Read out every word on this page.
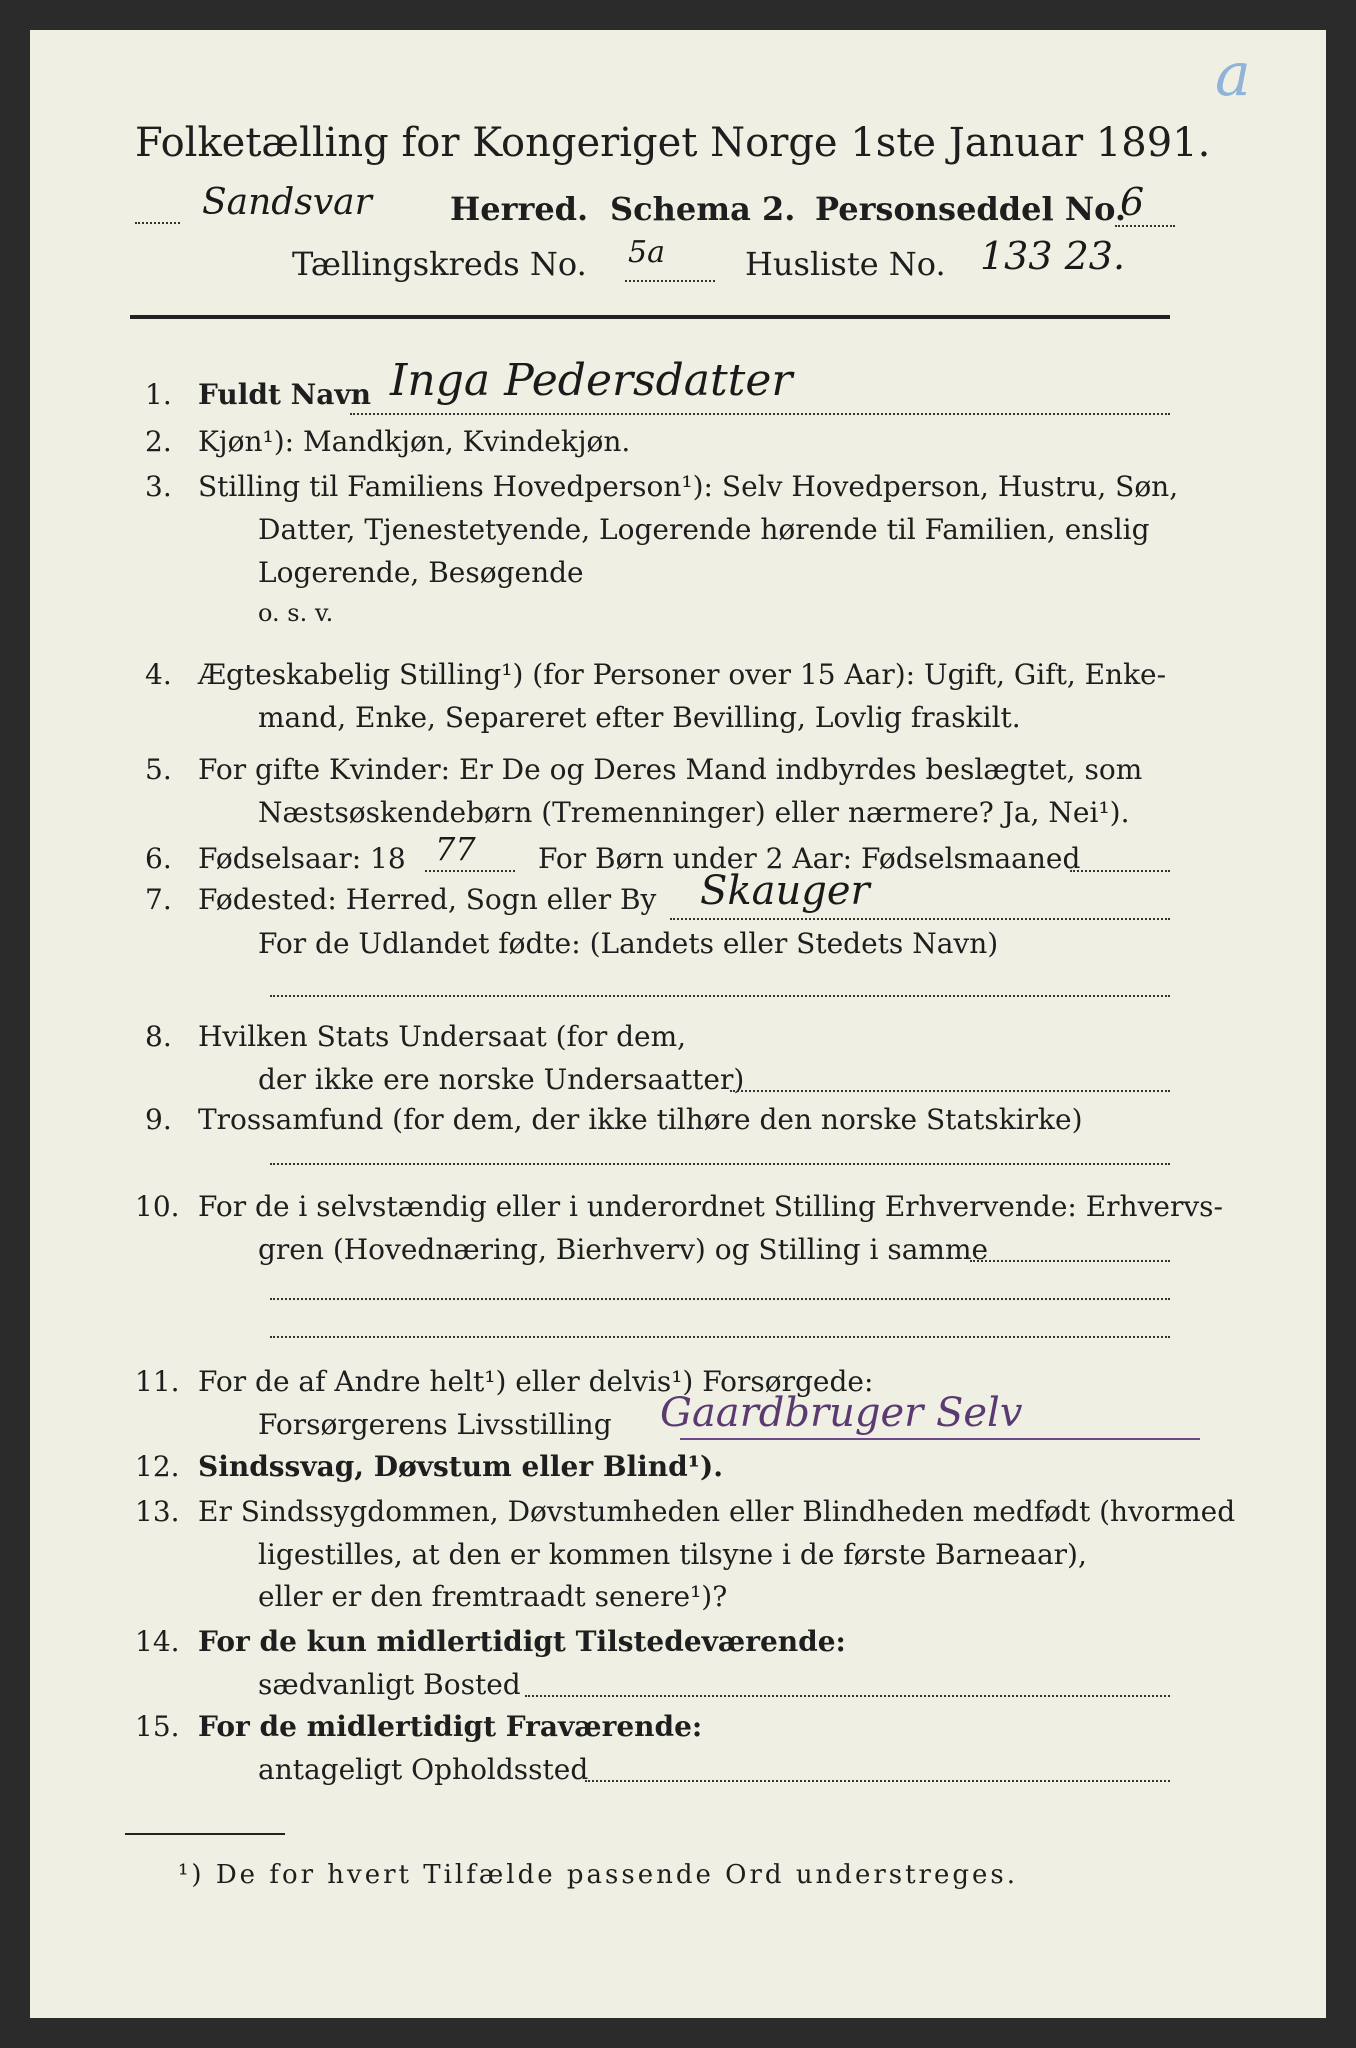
a
Folketælling for Kongeriget Norge 1ste Januar 1891.
Sandsvar Herred. Schema 2. Personseddel No.
6
Tællingskreds No. 5a	Husliste No. 133 23.
1. Fuldt Navn Inga Pedersdatter
2. Kjøn¹): Mandkjøn, Kvindekjøn.
3. Stilling til Familiens Hovedperson¹): Selv Hovedperson, Hustru, Søn,
Datter, Tjenestetyende, Logerende hørende til Familien, enslig
Logerende, Besøgende
o. s. v.
4. Ægteskabelig Stilling¹) (for Personer over 15 Aar): Ugift, Gift, Enke-
mand, Enke, Separeret efter Bevilling, Lovlig fraskilt.
5. For gifte Kvinder: Er De og Deres Mand indbyrdes beslægtet, som
Næstsøskendebørn (Tremenninger) eller nærmere? Ja, Nei¹).
6. Fødselsaar: 18 77 For Børn under 2 Aar: Fødselsmaaned
7. Fødested: Herred, Sogn eller By Skauger
For de Udlandet fødte: (Landets eller Stedets Navn)
8. Hvilken Stats Undersaat (for dem,
der ikke ere norske Undersaatter)
9. Trossamfund (for dem, der ikke tilhøre den norske Statskirke)
10. For de i selvstændig eller i underordnet Stilling Erhvervende: Erhvervs-
gren (Hovednæring, Bierhverv) og Stilling i samme
11. For de af Andre helt¹) eller delvis¹) Forsørgede:
Forsørgerens Livsstilling Gaardbruger Selv
12. Sindssvag, Døvstum eller Blind¹).
13. Er Sindssygdommen, Døvstumheden eller Blindheden medfødt (hvormed
ligestilles, at den er kommen tilsyne i de første Barneaar),
eller er den fremtraadt senere¹)?
14. For de kun midlertidigt Tilstedeværende:
sædvanligt Bosted
15. For de midlertidigt Fraværende:
antageligt Opholdssted
¹) De for hvert Tilfælde passende Ord understreges.
